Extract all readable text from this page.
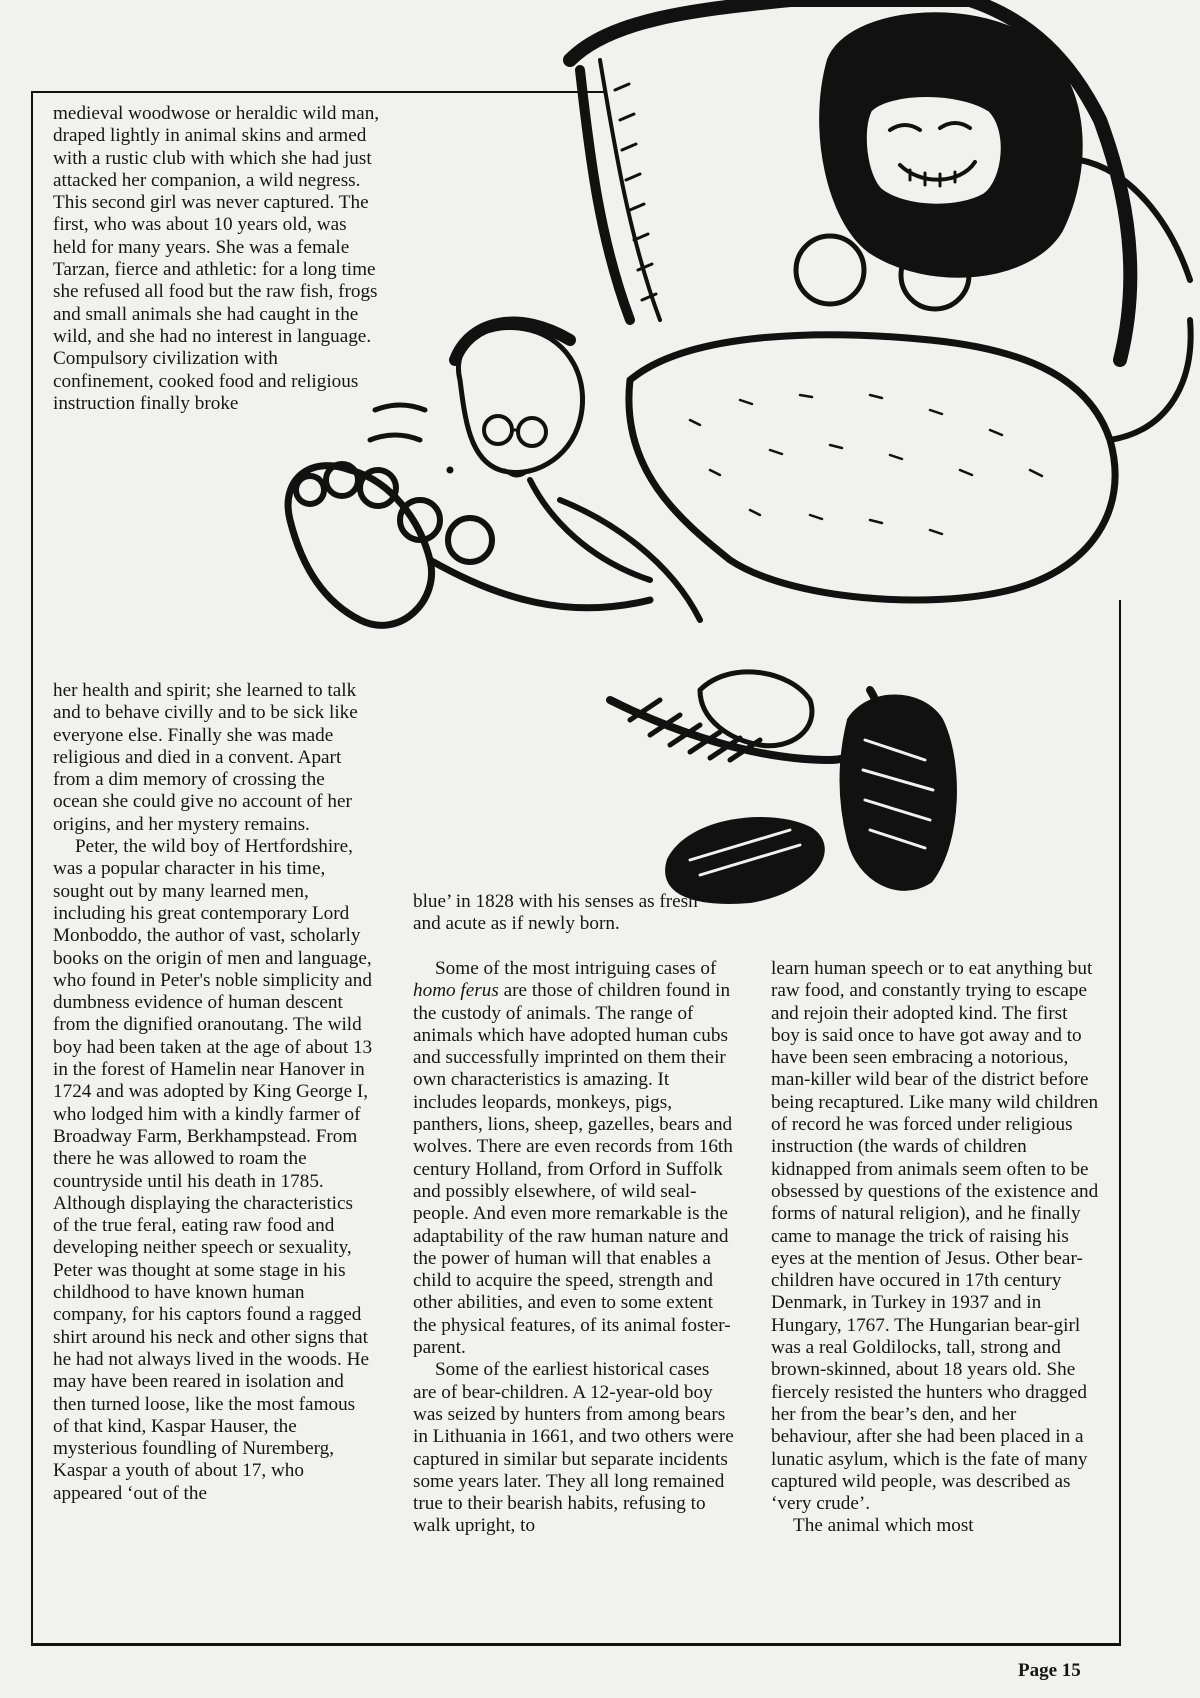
medieval woodwose or heraldic wild man, draped lightly in animal skins and armed with a rustic club with which she had just attacked her companion, a wild negress. This second girl was never captured. The first, who was about 10 years old, was held for many years. She was a female Tarzan, fierce and athletic: for a long time she refused all food but the raw fish, frogs and small animals she had caught in the wild, and she had no interest in language. Compulsory civilization with confinement, cooked food and religious instruction finally broke

her health and spirit; she learned to talk and to behave civilly and to be sick like everyone else. Finally she was made religious and died in a convent. Apart from a dim memory of crossing the ocean she could give no account of her origins, and her mystery remains.

Peter, the wild boy of Hertfordshire, was a popular character in his time, sought out by many learned men, including his great contemporary Lord Monboddo, the author of vast, scholarly books on the origin of men and language, who found in Peter's noble simplicity and dumbness evidence of human descent from the dignified oranoutang. The wild boy had been taken at the age of about 13 in the forest of Hamelin near Hanover in 1724 and was adopted by King George I, who lodged him with a kindly farmer of Broadway Farm, Berkhampstead. From there he was allowed to roam the countryside until his death in 1785. Although displaying the characteristics of the true feral, eating raw food and developing neither speech or sexuality, Peter was thought at some stage in his childhood to have known human company, for his captors found a ragged shirt around his neck and other signs that he had not always lived in the woods. He may have been reared in isolation and then turned loose, like the most famous of that kind, Kaspar Hauser, the mysterious foundling of Nuremberg, Kaspar a youth of about 17, who appeared ‘out of the

blue’ in 1828 with his senses as fresh and acute as if newly born.

Some of the most intriguing cases of homo ferus are those of children found in the custody of animals. The range of animals which have adopted human cubs and successfully imprinted on them their own characteristics is amazing. It includes leopards, monkeys, pigs, panthers, lions, sheep, gazelles, bears and wolves. There are even records from 16th century Holland, from Orford in Suffolk and possibly elsewhere, of wild seal-people. And even more remarkable is the adaptability of the raw human nature and the power of human will that enables a child to acquire the speed, strength and other abilities, and even to some extent the physical features, of its animal foster-parent.

Some of the earliest historical cases are of bear-children. A 12-year-old boy was seized by hunters from among bears in Lithuania in 1661, and two others were captured in similar but separate incidents some years later. They all long remained true to their bearish habits, refusing to walk upright, to

learn human speech or to eat anything but raw food, and constantly trying to escape and rejoin their adopted kind. The first boy is said once to have got away and to have been seen embracing a notorious, man-killer wild bear of the district before being recaptured. Like many wild children of record he was forced under religious instruction (the wards of children kidnapped from animals seem often to be obsessed by questions of the existence and forms of natural religion), and he finally came to manage the trick of raising his eyes at the mention of Jesus. Other bear-children have occured in 17th century Denmark, in Turkey in 1937 and in Hungary, 1767. The Hungarian bear-girl was a real Goldilocks, tall, strong and brown-skinned, about 18 years old. She fiercely resisted the hunters who dragged her from the bear’s den, and her behaviour, after she had been placed in a lunatic asylum, which is the fate of many captured wild people, was described as ‘very crude’.

The animal which most

Page 15
